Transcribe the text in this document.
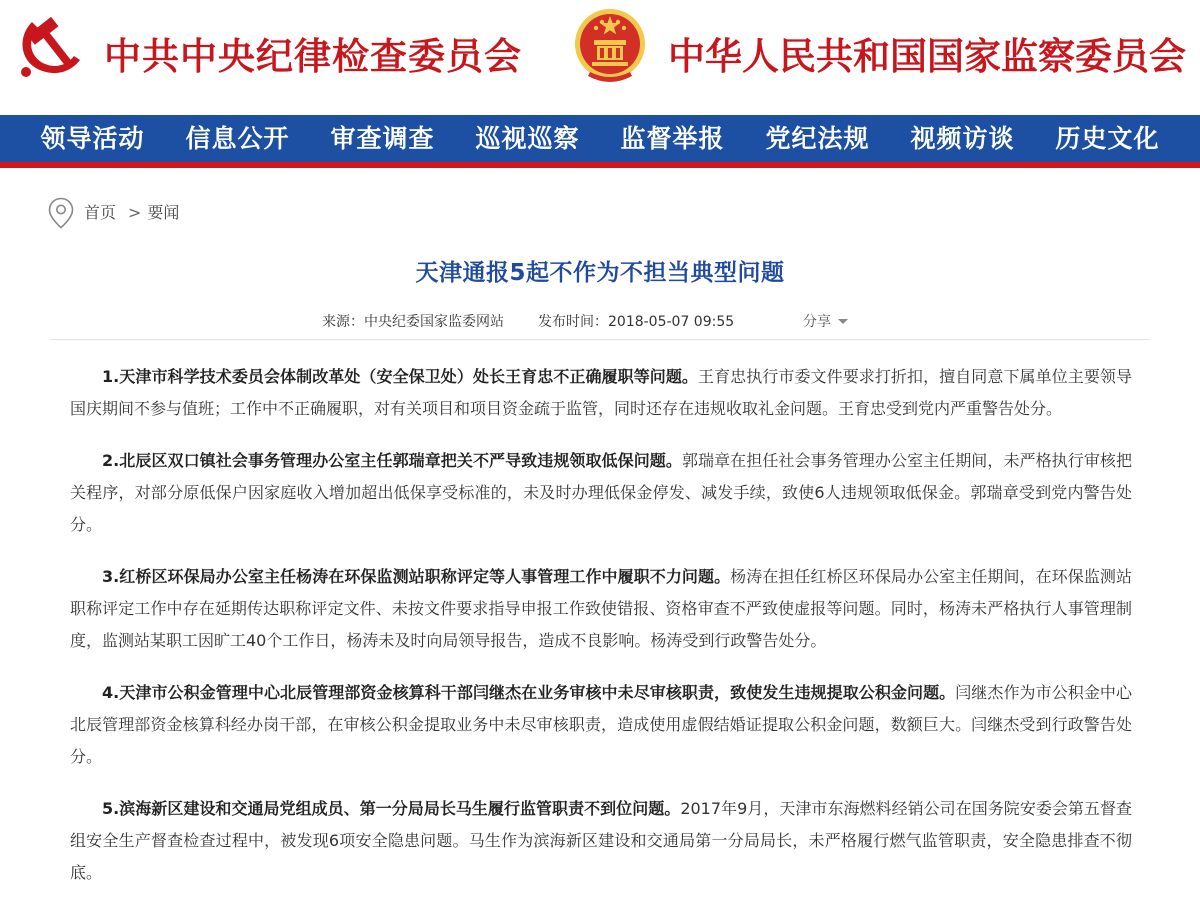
中共中央纪律检查委员会	中华人民共和国国家监察委员会
领导活动	信息公开	审查调查	巡视巡察	监督举报	党纪法规	视频访谈	历史文化
首页 > 要闻
天津通报5起不作为不担当典型问题
来源：中央纪委国家监委网站 发布时间：2018-05-07 09:55	分享

1.天津市科学技术委员会体制改革处（安全保卫处）处长王育忠不正确履职等问题。王育忠执行市委文件要求打折扣，擅自同意下属单位主要领导国庆期间不参与值班；工作中不正确履职，对有关项目和项目资金疏于监管，同时还存在违规收取礼金问题。王育忠受到党内严重警告处分。

2.北辰区双口镇社会事务管理办公室主任郭瑞章把关不严导致违规领取低保问题。郭瑞章在担任社会事务管理办公室主任期间，未严格执行审核把关程序，对部分原低保户因家庭收入增加超出低保享受标准的，未及时办理低保金停发、减发手续，致使6人违规领取低保金。郭瑞章受到党内警告处分。

3.红桥区环保局办公室主任杨涛在环保监测站职称评定等人事管理工作中履职不力问题。杨涛在担任红桥区环保局办公室主任期间，在环保监测站职称评定工作中存在延期传达职称评定文件、未按文件要求指导申报工作致使错报、资格审查不严致使虚报等问题。同时，杨涛未严格执行人事管理制度，监测站某职工因旷工40个工作日，杨涛未及时向局领导报告，造成不良影响。杨涛受到行政警告处分。

4.天津市公积金管理中心北辰管理部资金核算科干部闫继杰在业务审核中未尽审核职责，致使发生违规提取公积金问题。闫继杰作为市公积金中心北辰管理部资金核算科经办岗干部，在审核公积金提取业务中未尽审核职责，造成使用虚假结婚证提取公积金问题，数额巨大。闫继杰受到行政警告处分。

5.滨海新区建设和交通局党组成员、第一分局局长马生履行监管职责不到位问题。2017年9月，天津市东海燃料经销公司在国务院安委会第五督查组安全生产督查检查过程中，被发现6项安全隐患问题。马生作为滨海新区建设和交通局第一分局局长，未严格履行燃气监管职责，安全隐患排查不彻底。
